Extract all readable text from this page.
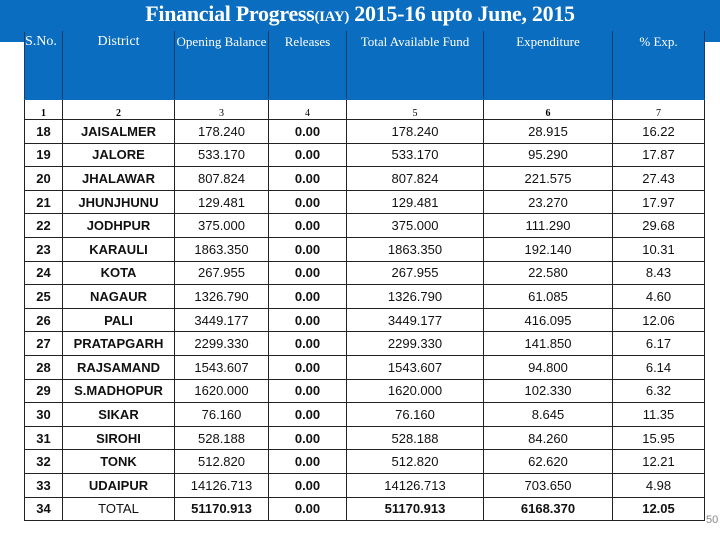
Financial Progress(IAY) 2015-16 upto June, 2015
S.No.	District	Opening Balance	Releases	Total Available Fund	Expenditure	% Exp.
1	2	3	4	5	6	7
18	JAISALMER	178.240	0.00	178.240	28.915	16.22
19	JALORE	533.170	0.00	533.170	95.290	17.87
20	JHALAWAR	807.824	0.00	807.824	221.575	27.43
21	JHUNJHUNU	129.481	0.00	129.481	23.270	17.97
22	JODHPUR	375.000	0.00	375.000	111.290	29.68
23	KARAULI	1863.350	0.00	1863.350	192.140	10.31
24	KOTA	267.955	0.00	267.955	22.580	8.43
25	NAGAUR	1326.790	0.00	1326.790	61.085	4.60
26	PALI	3449.177	0.00	3449.177	416.095	12.06
27	PRATAPGARH	2299.330	0.00	2299.330	141.850	6.17
28	RAJSAMAND	1543.607	0.00	1543.607	94.800	6.14
29	S.MADHOPUR	1620.000	0.00	1620.000	102.330	6.32
30	SIKAR	76.160	0.00	76.160	8.645	11.35
31	SIROHI	528.188	0.00	528.188	84.260	15.95
32	TONK	512.820	0.00	512.820	62.620	12.21
33	UDAIPUR	14126.713	0.00	14126.713	703.650	4.98
34	TOTAL	51170.913	0.00	51170.913	6168.370	12.05
50
